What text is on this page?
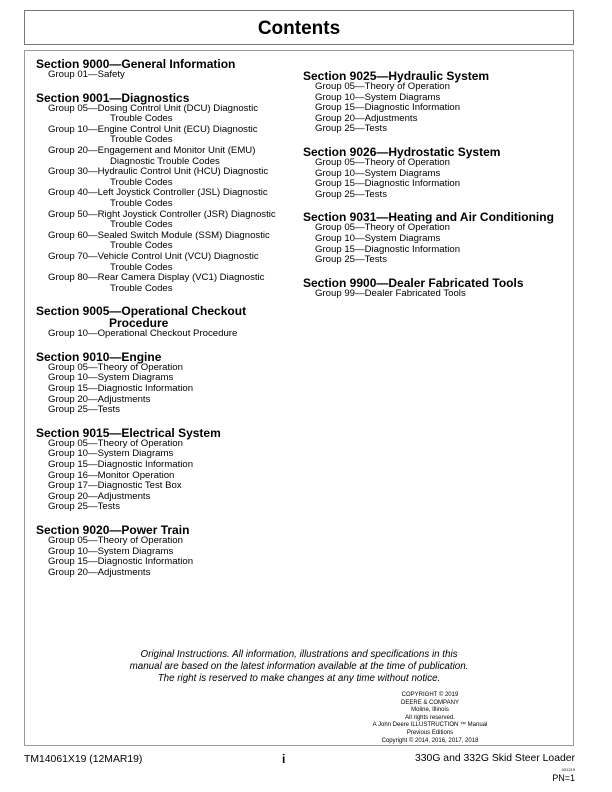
Contents
Section 9000—General Information
Group 01—Safety
Section 9001—Diagnostics
Group 05—Dosing Control Unit (DCU) Diagnostic
Trouble Codes
Group 10—Engine Control Unit (ECU) Diagnostic
Trouble Codes
Group 20—Engagement and Monitor Unit (EMU)
Diagnostic Trouble Codes
Group 30—Hydraulic Control Unit (HCU) Diagnostic
Trouble Codes
Group 40—Left Joystick Controller (JSL) Diagnostic
Trouble Codes
Group 50—Right Joystick Controller (JSR) Diagnostic
Trouble Codes
Group 60—Sealed Switch Module (SSM) Diagnostic
Trouble Codes
Group 70—Vehicle Control Unit (VCU) Diagnostic
Trouble Codes
Group 80—Rear Camera Display (VC1) Diagnostic
Trouble Codes
Section 9005—Operational Checkout
Procedure
Group 10—Operational Checkout Procedure
Section 9010—Engine
Group 05—Theory of Operation
Group 10—System Diagrams
Group 15—Diagnostic Information
Group 20—Adjustments
Group 25—Tests
Section 9015—Electrical System
Group 05—Theory of Operation
Group 10—System Diagrams
Group 15—Diagnostic Information
Group 16—Monitor Operation
Group 17—Diagnostic Test Box
Group 20—Adjustments
Group 25—Tests
Section 9020—Power Train
Group 05—Theory of Operation
Group 10—System Diagrams
Group 15—Diagnostic Information
Group 20—Adjustments
Section 9025—Hydraulic System
Group 05—Theory of Operation
Group 10—System Diagrams
Group 15—Diagnostic Information
Group 20—Adjustments
Group 25—Tests
Section 9026—Hydrostatic System
Group 05—Theory of Operation
Group 10—System Diagrams
Group 15—Diagnostic Information
Group 25—Tests
Section 9031—Heating and Air Conditioning
Group 05—Theory of Operation
Group 10—System Diagrams
Group 15—Diagnostic Information
Group 25—Tests
Section 9900—Dealer Fabricated Tools
Group 99—Dealer Fabricated Tools
Original Instructions. All information, illustrations and specifications in this
manual are based on the latest information available at the time of publication.
The right is reserved to make changes at any time without notice.
COPYRIGHT © 2019
DEERE & COMPANY
Moline, Illinois
All rights reserved.
A John Deere ILLUSTRUCTION ™ Manual
Previous Editions
Copyright © 2014, 2016, 2017, 2018
TM14061X19 (12MAR19)	i	330G and 332G Skid Steer Loader
031219
PN=1
